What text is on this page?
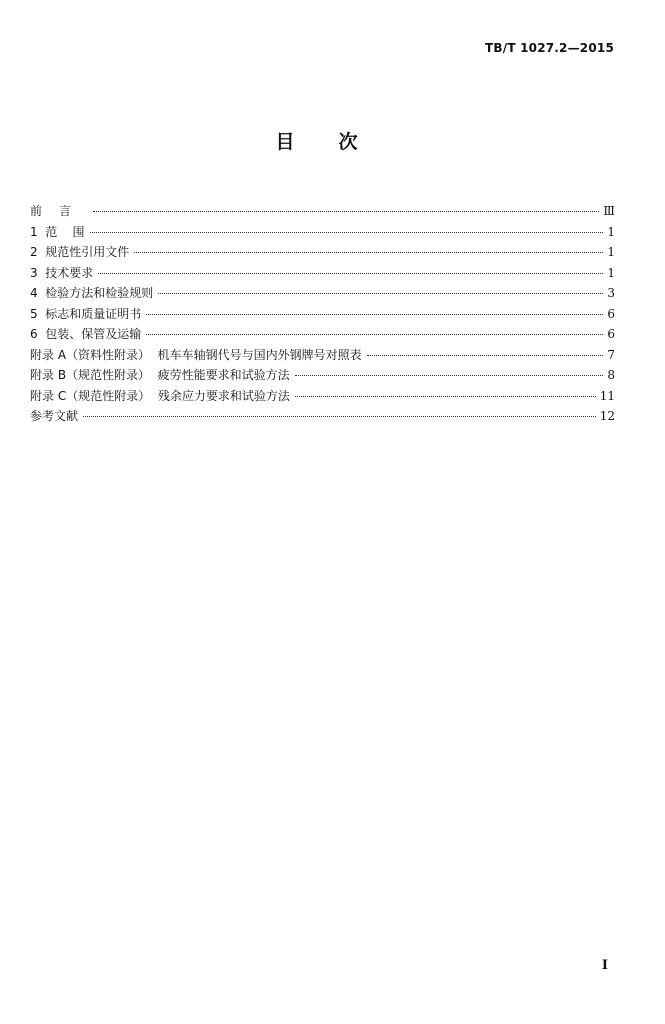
TB/T 1027.2—2015
目次
前言	Ⅲ
1  范    围	1
2  规范性引用文件	1
3  技术要求	1
4  检验方法和检验规则	3
5  标志和质量证明书	6
6  包装、保管及运输	6
附录 A（资料性附录）  机车车轴钢代号与国内外钢牌号对照表	7
附录 B（规范性附录）  疲劳性能要求和试验方法	8
附录 C（规范性附录）  残余应力要求和试验方法	11
参考文献	12
I
